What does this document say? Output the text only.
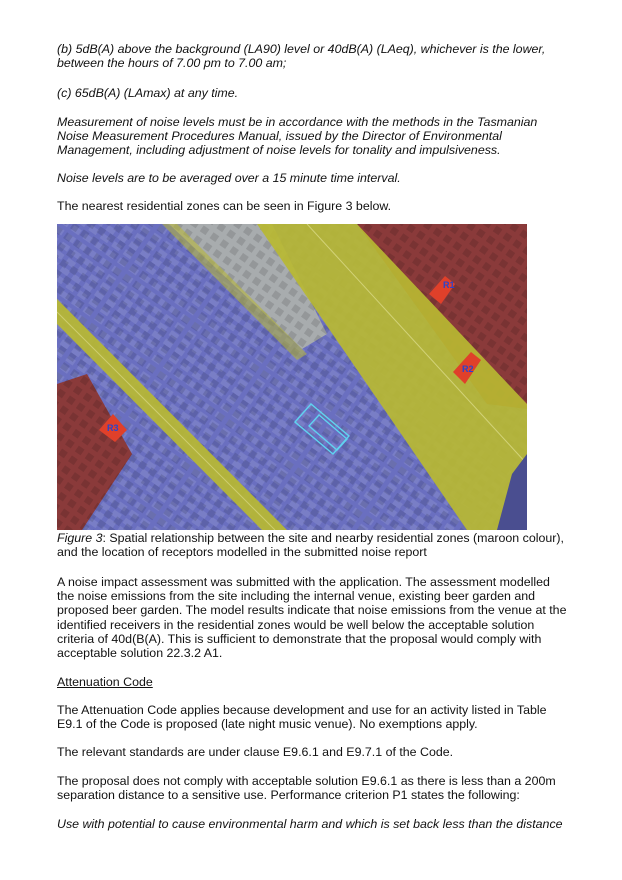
(b) 5dB(A) above the background (LA90) level or 40dB(A) (LAeq), whichever is the lower, between the hours of 7.00 pm to 7.00 am;

(c) 65dB(A) (LAmax) at any time.

Measurement of noise levels must be in accordance with the methods in the Tasmanian Noise Measurement Procedures Manual, issued by the Director of Environmental Management, including adjustment of noise levels for tonality and impulsiveness.

Noise levels are to be averaged over a 15 minute time interval.

The nearest residential zones can be seen in Figure 3 below.

R1
R2
R3
Figure 3: Spatial relationship between the site and nearby residential zones (maroon colour), and the location of receptors modelled in the submitted noise report

A noise impact assessment was submitted with the application. The assessment modelled the noise emissions from the site including the internal venue, existing beer garden and proposed beer garden. The model results indicate that noise emissions from the venue at the identified receivers in the residential zones would be well below the acceptable solution criteria of 40d(B(A). This is sufficient to demonstrate that the proposal would comply with acceptable solution 22.3.2 A1.

Attenuation Code

The Attenuation Code applies because development and use for an activity listed in Table E9.1 of the Code is proposed (late night music venue). No exemptions apply.

The relevant standards are under clause E9.6.1 and E9.7.1 of the Code.

The proposal does not comply with acceptable solution E9.6.1 as there is less than a 200m separation distance to a sensitive use. Performance criterion P1 states the following:

Use with potential to cause environmental harm and which is set back less than the distance
